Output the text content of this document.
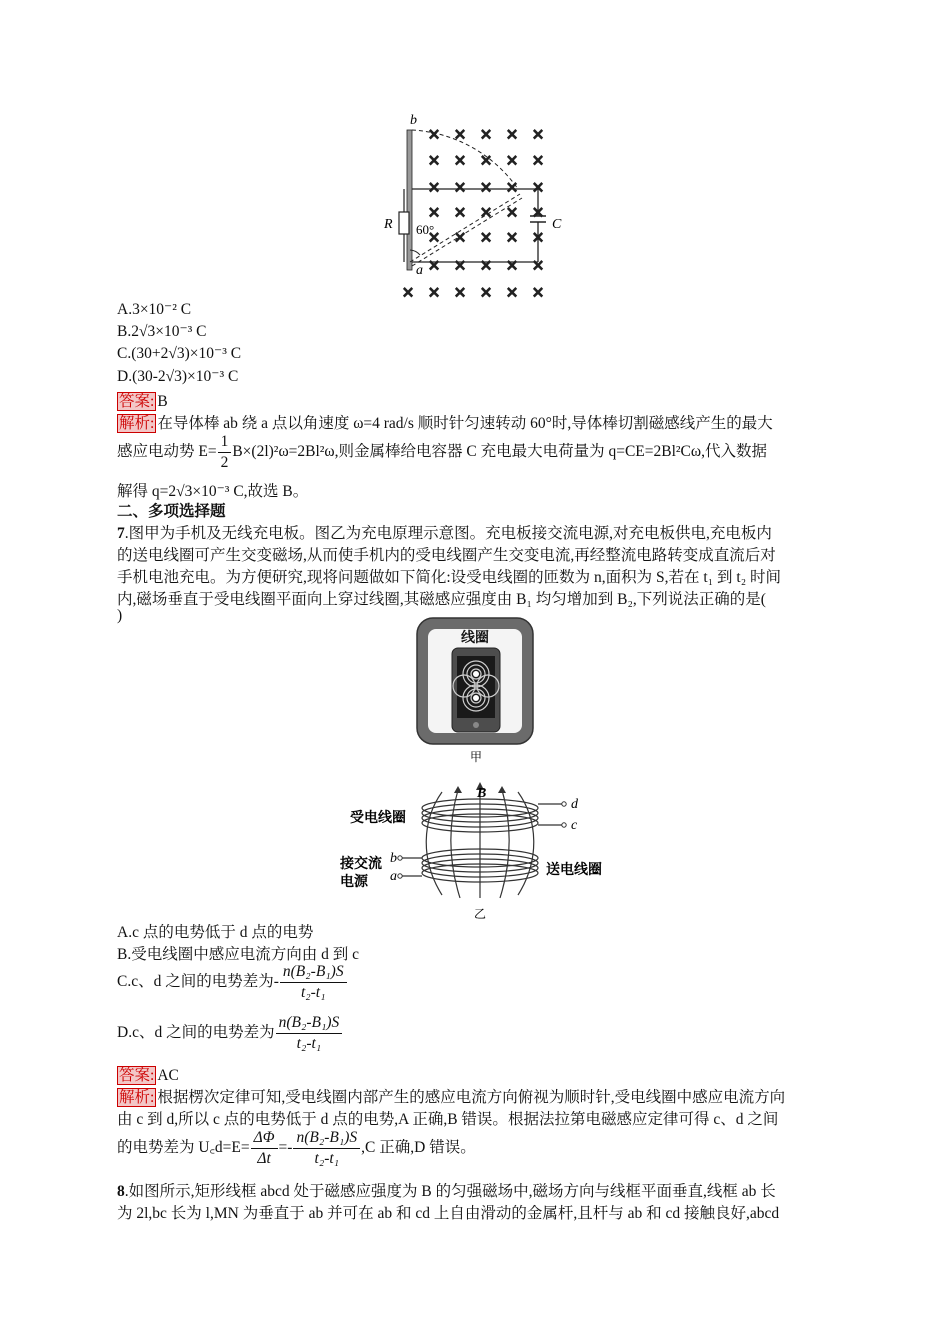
× × × × ×
× × × × ×
× × × × ×
× × × × ×
× × × × ×
× × × × ×
× × × × × ×
b
a
R	C
60°
A.3×10⁻² C
B.2√3×10⁻³ C
C.(30+2√3)×10⁻³ C
D.(30-2√3)×10⁻³ C
答案: B
解析: 在导体棒 ab 绕 a 点以角速度 ω=4 rad/s 顺时针匀速转动 60°时,导体棒切割磁感线产生的最大
感应电动势 $E= \frac{1}{2} B\times(2l)^2\omega=2Bl^2\omega$,则金属棒给电容器 C 充电最大电荷量为 q=CE=2Bl²Cω,代入数据
解得 q=2√3×10⁻³ C,故选 B。
二、多项选择题
7.图甲为手机及无线充电板。图乙为充电原理示意图。充电板接交流电源,对充电板供电,充电板内
的送电线圈可产生交变磁场,从而使手机内的受电线圈产生交变电流,再经整流电路转变成直流后对
手机电池充电。为方便研究,现将问题做如下简化:设受电线圈的匝数为 n,面积为 S,若在 t₁ 到 t₂ 时间
内,磁场垂直于受电线圈平面向上穿过线圈,其磁感应强度由 B₁ 均匀增加到 B₂,下列说法正确的是(
)
线圈
甲
B
d
c
b
a
受电线圈
送电线圈
接交流
电源
乙
A.c 点的电势低于 d 点的电势
B.受电线圈中感应电流方向由 d 到 c
C.c、d 之间的电势差为- $\frac{\text{n(B₂-B₁)S}}{\text{t₂-t₁}}$
D.c、d 之间的电势差为 $\frac{\text{n(B₂-B₁)S}}{\text{t₂-t₁}}$
答案: AC
解析: 根据楞次定律可知,受电线圈内部产生的感应电流方向俯视为顺时针,受电线圈中感应电流方向
由 c 到 d,所以 c 点的电势低于 d 点的电势,A 正确,B 错误。根据法拉第电磁感应定律可得 c、d 之间
的电势差为 U꜀d=E= $\frac{\Delta\Phi}{\Delta t} =- \frac{\text{n(B₂-B₁)S}}{\text{t₂-t₁}} ,C$ 正确,D 错误。
8.如图所示,矩形线框 abcd 处于磁感应强度为 B 的匀强磁场中,磁场方向与线框平面垂直,线框 ab 长
为 2l,bc 长为 l,MN 为垂直于 ab 并可在 ab 和 cd 上自由滑动的金属杆,且杆与 ab 和 cd 接触良好,abcd
